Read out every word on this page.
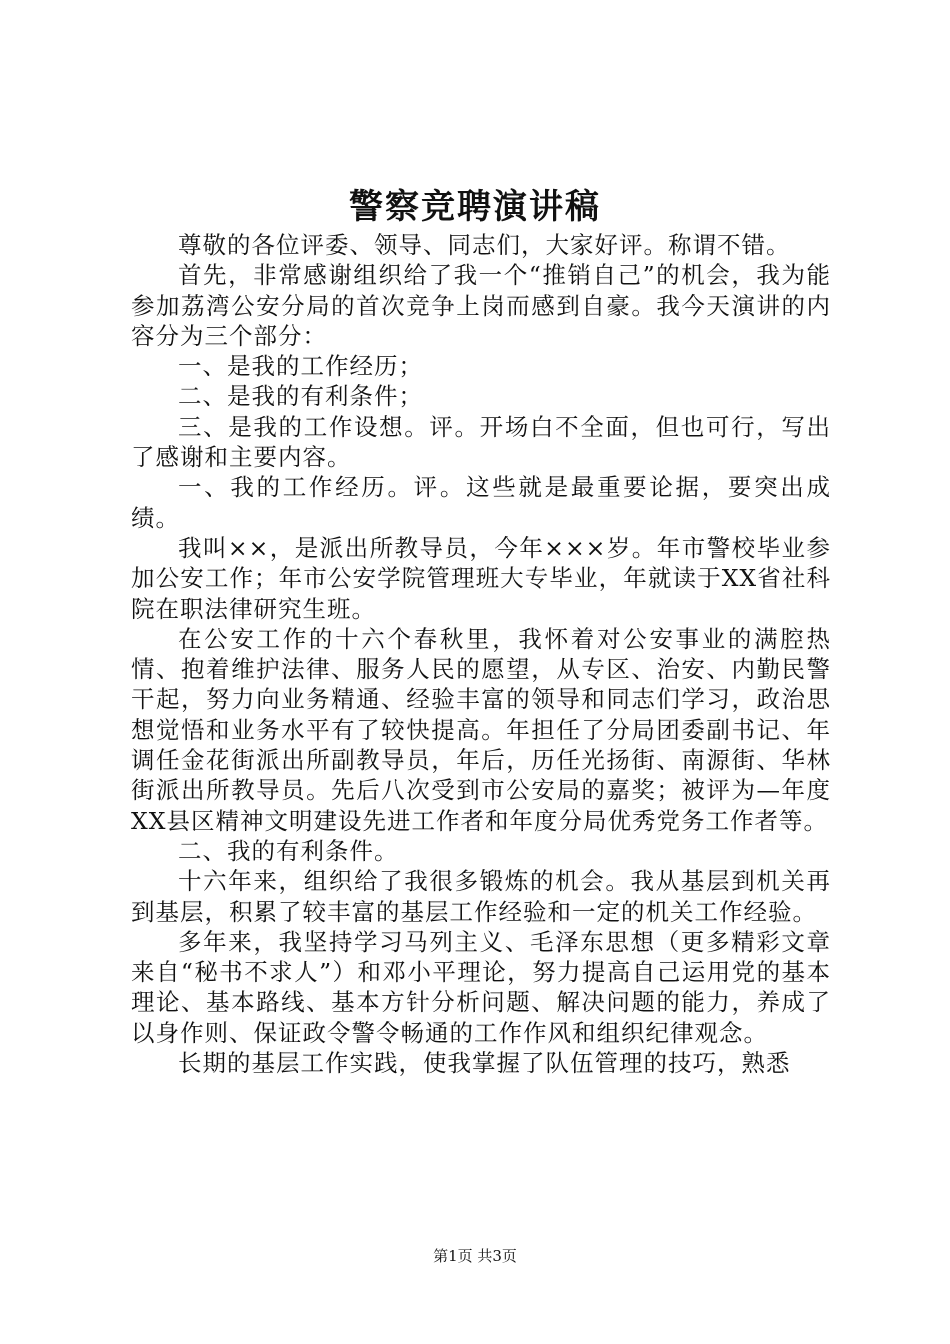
警察竞聘演讲稿

尊敬的各位评委、领导、同志们，大家好评。称谓不错。

首先，非常感谢组织给了我一个“推销自己”的机会，我为能参加荔湾公安分局的首次竞争上岗而感到自豪。我今天演讲的内容分为三个部分：

一、是我的工作经历；

二、是我的有利条件；

三、是我的工作设想。评。开场白不全面，但也可行，写出了感谢和主要内容。

一、我的工作经历。评。这些就是最重要论据，要突出成绩。

我叫××，是派出所教导员，今年×××岁。年市警校毕业参加公安工作；年市公安学院管理班大专毕业，年就读于XX省社科院在职法律研究生班。

在公安工作的十六个春秋里，我怀着对公安事业的满腔热情、抱着维护法律、服务人民的愿望，从专区、治安、内勤民警干起，努力向业务精通、经验丰富的领导和同志们学习，政治思想觉悟和业务水平有了较快提高。年担任了分局团委副书记、年调任金花街派出所副教导员，年后，历任光扬街、南源街、华林街派出所教导员。先后八次受到市公安局的嘉奖；被评为—年度XX县区精神文明建设先进工作者和年度分局优秀党务工作者等。

二、我的有利条件。

十六年来，组织给了我很多锻炼的机会。我从基层到机关再到基层，积累了较丰富的基层工作经验和一定的机关工作经验。

多年来，我坚持学习马列主义、毛泽东思想（更多精彩文章来自“秘书不求人”）和邓小平理论，努力提高自己运用党的基本理论、基本路线、基本方针分析问题、解决问题的能力，养成了以身作则、保证政令警令畅通的工作作风和组织纪律观念。

长期的基层工作实践，使我掌握了队伍管理的技巧，熟悉

第1页 共3页
